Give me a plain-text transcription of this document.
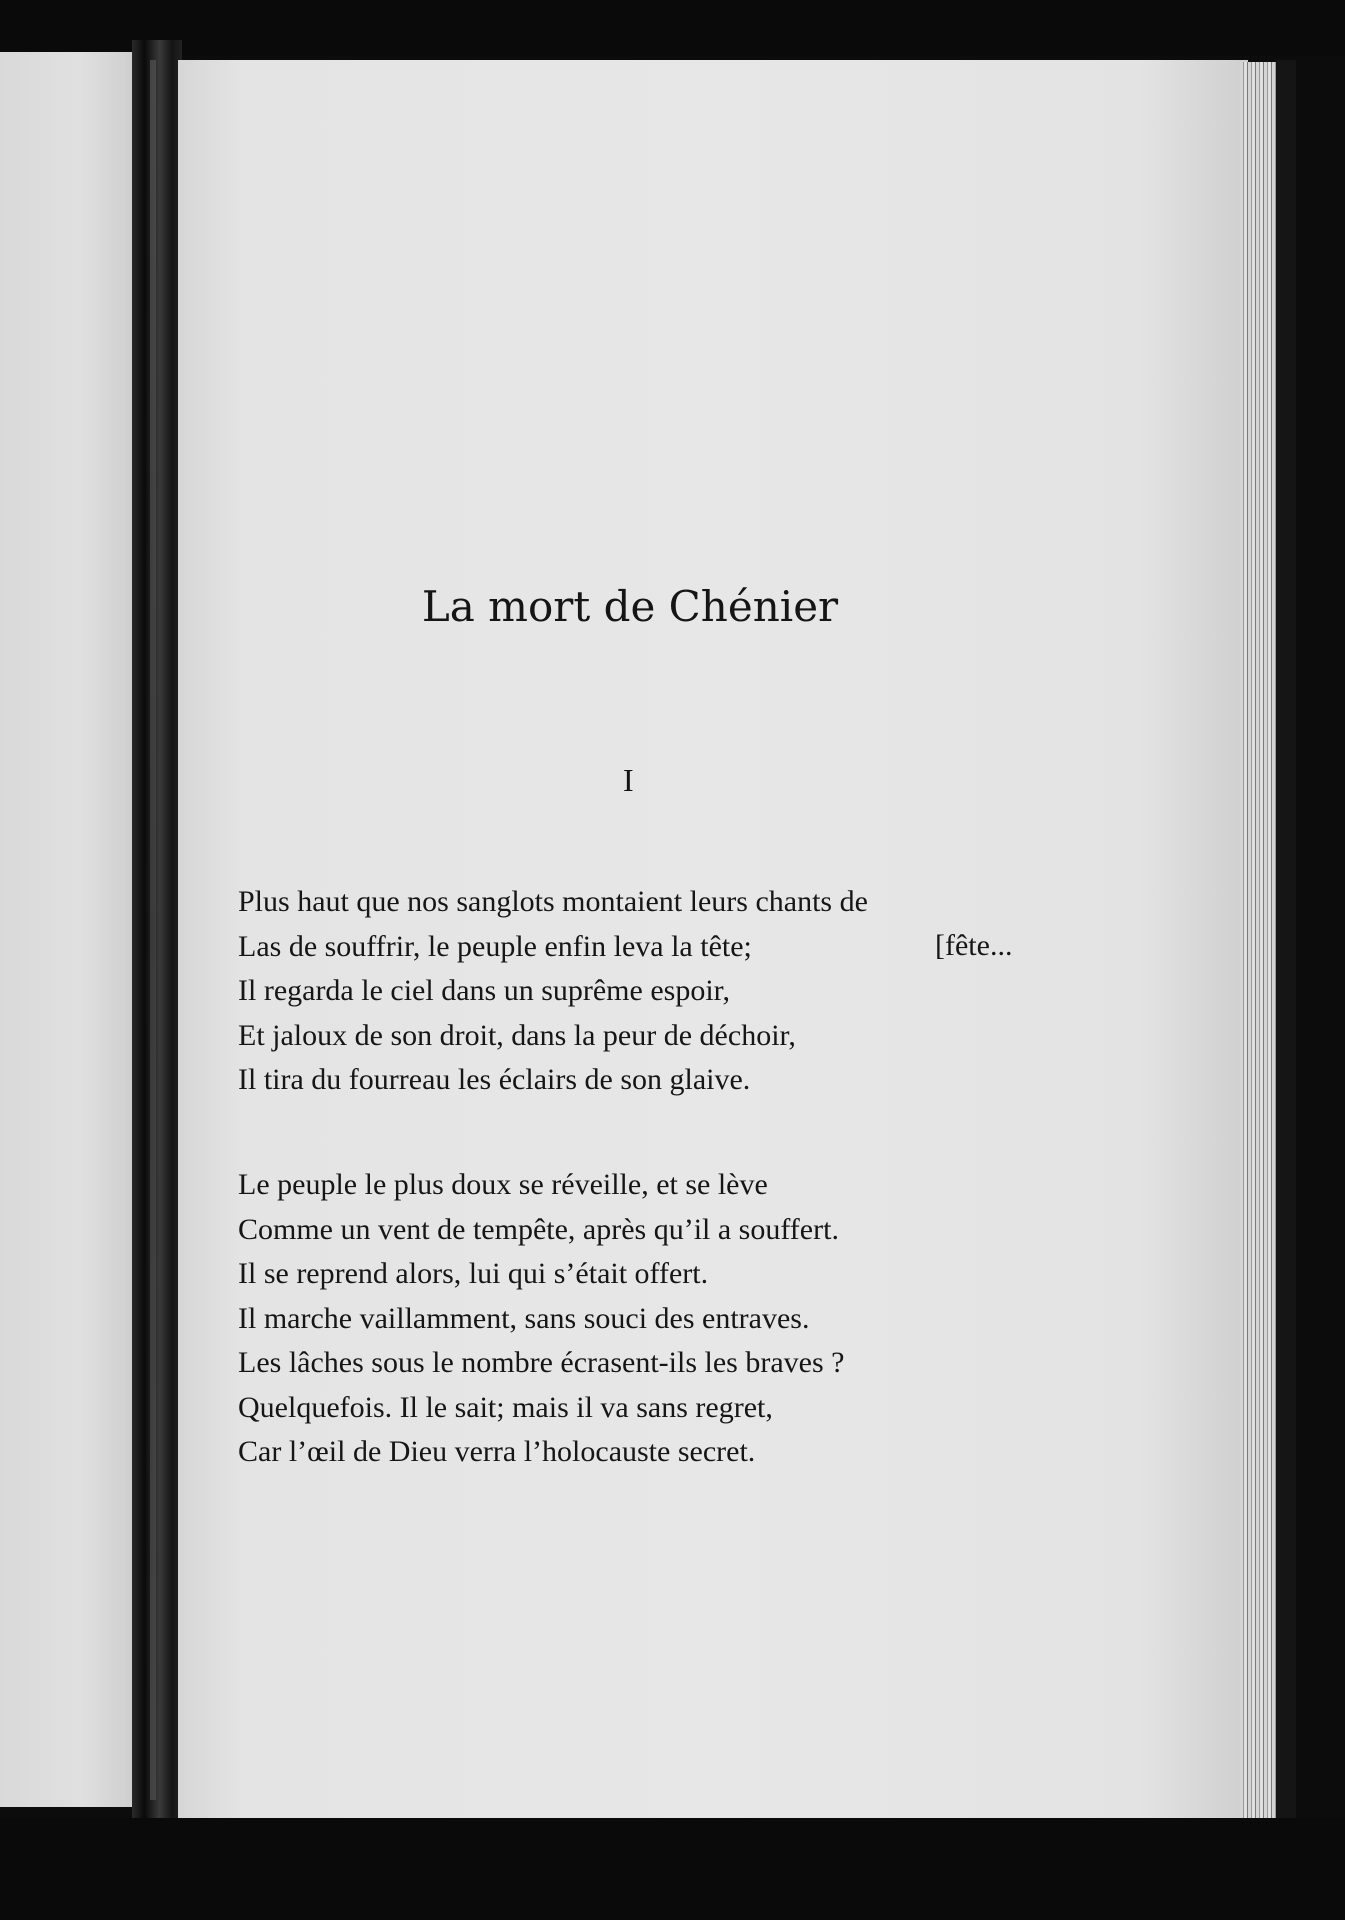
La mort de Chénier
I
Plus haut que nos sanglots montaient leurs chants de
Las de souffrir, le peuple enfin leva la tête;
Il regarda le ciel dans un suprême espoir,
Et jaloux de son droit, dans la peur de déchoir,
Il tira du fourreau les éclairs de son glaive.
[fête...
Le peuple le plus doux se réveille, et se lève
Comme un vent de tempête, après qu’il a souffert.
Il se reprend alors, lui qui s’était offert.
Il marche vaillamment, sans souci des entraves.
Les lâches sous le nombre écrasent-ils les braves ?
Quelquefois. Il le sait; mais il va sans regret,
Car l’œil de Dieu verra l’holocauste secret.
